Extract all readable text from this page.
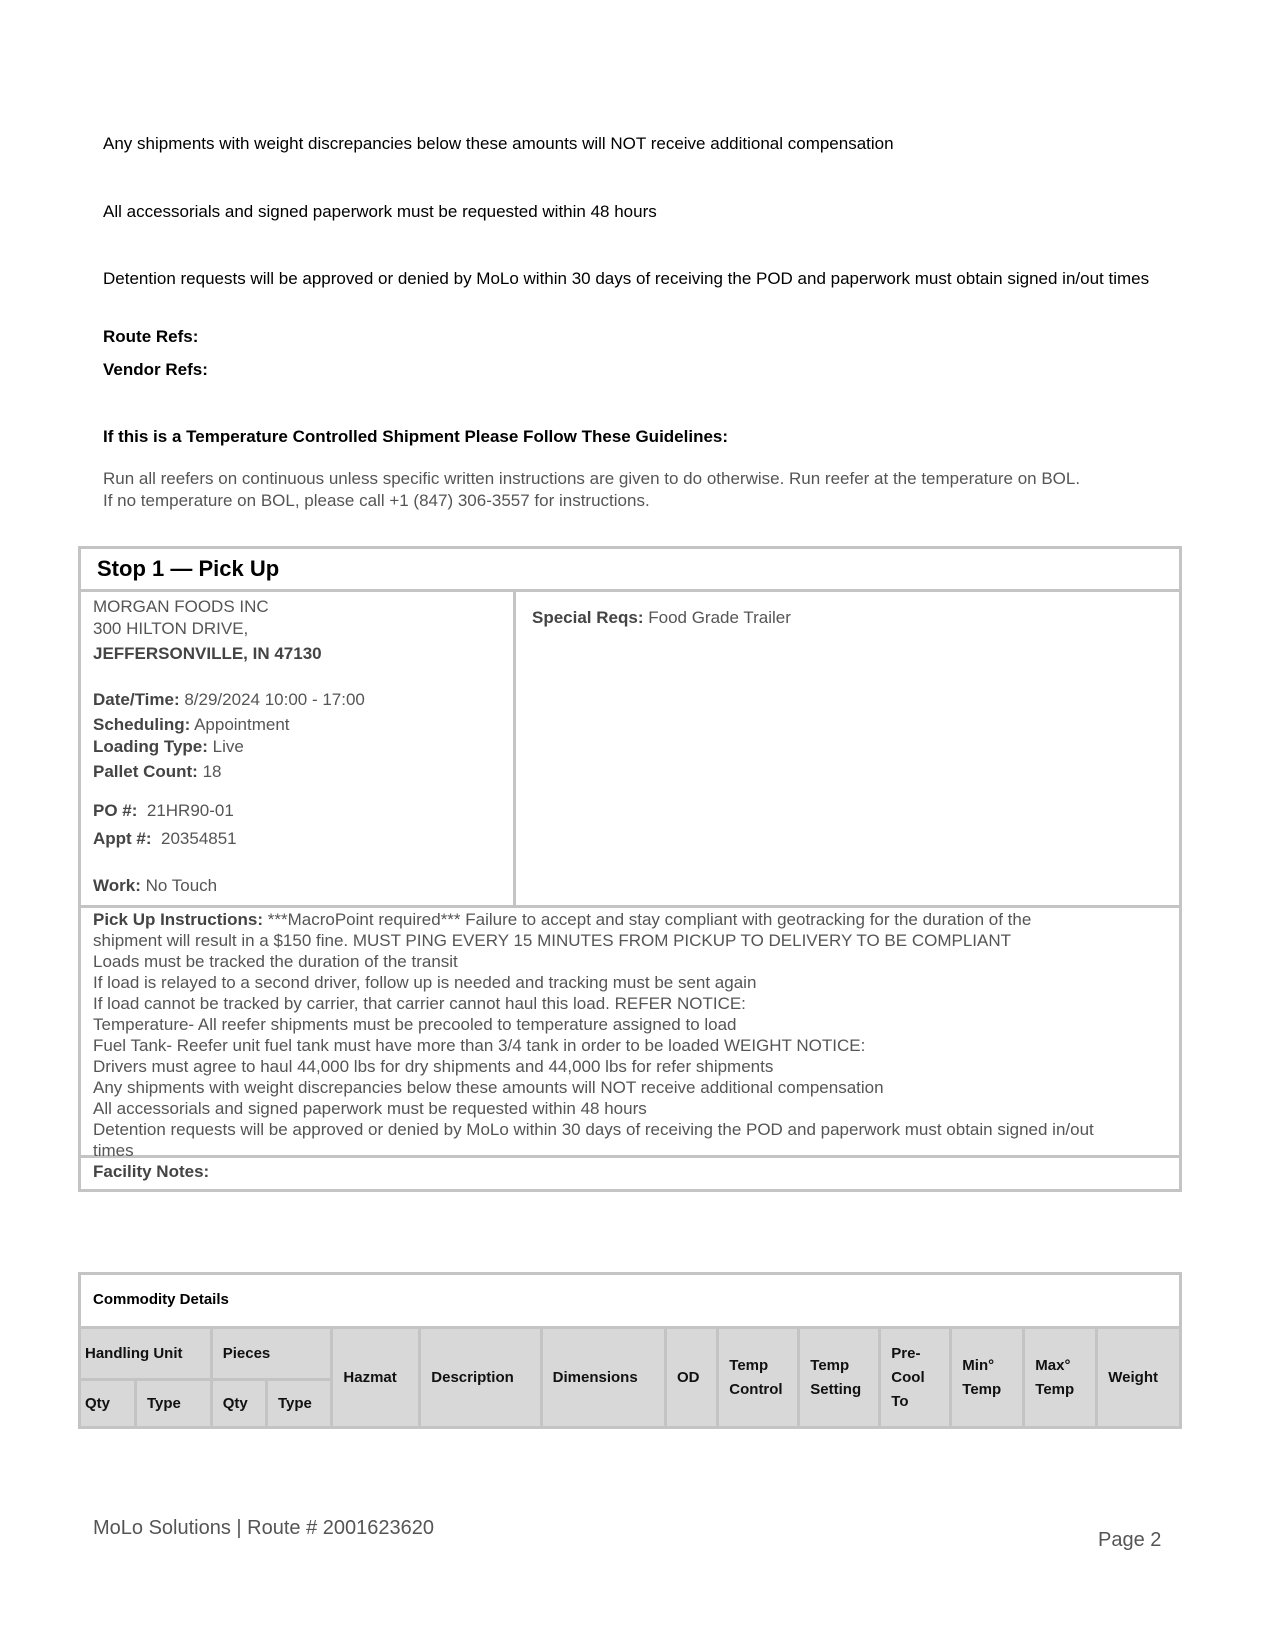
Any shipments with weight discrepancies below these amounts will NOT receive additional compensation

All accessorials and signed paperwork must be requested within 48 hours

Detention requests will be approved or denied by MoLo within 30 days of receiving the POD and paperwork must obtain signed in/out times

Route Refs:

Vendor Refs:

If this is a Temperature Controlled Shipment Please Follow These Guidelines:

Run all reefers on continuous unless specific written instructions are given to do otherwise. Run reefer at the temperature on BOL.

If no temperature on BOL, please call +1 (847) 306-3557 for instructions.

Stop 1 — Pick Up
MORGAN FOODS INC
300 HILTON DRIVE,
JEFFERSONVILLE, IN 47130
Date/Time: 8/29/2024 10:00 - 17:00
Scheduling: Appointment
Loading Type: Live
Pallet Count: 18
PO #: 21HR90-01
Appt #: 20354851
Work: No Touch
Special Reqs: Food Grade Trailer
Pick Up Instructions: ***MacroPoint required*** Failure to accept and stay compliant with geotracking for the duration of the shipment will result in a $150 fine. MUST PING EVERY 15 MINUTES FROM PICKUP TO DELIVERY TO BE COMPLIANT
Loads must be tracked the duration of the transit
If load is relayed to a second driver, follow up is needed and tracking must be sent again
If load cannot be tracked by carrier, that carrier cannot haul this load. REFER NOTICE:
Temperature- All reefer shipments must be precooled to temperature assigned to load
Fuel Tank- Reefer unit fuel tank must have more than 3/4 tank in order to be loaded WEIGHT NOTICE:
Drivers must agree to haul 44,000 lbs for dry shipments and 44,000 lbs for refer shipments
Any shipments with weight discrepancies below these amounts will NOT receive additional compensation
All accessorials and signed paperwork must be requested within 48 hours
Detention requests will be approved or denied by MoLo within 30 days of receiving the POD and paperwork must obtain signed in/out times
Facility Notes:
Commodity Details
Handling Unit		Pieces		Hazmat	Description	Dimensions	OD	Temp Control	Temp Setting	Pre-Cool To	Min° Temp	Max° Temp	Weight
Qty	Type	Qty	Type										
MoLo Solutions | Route # 2001623620
Page 2
